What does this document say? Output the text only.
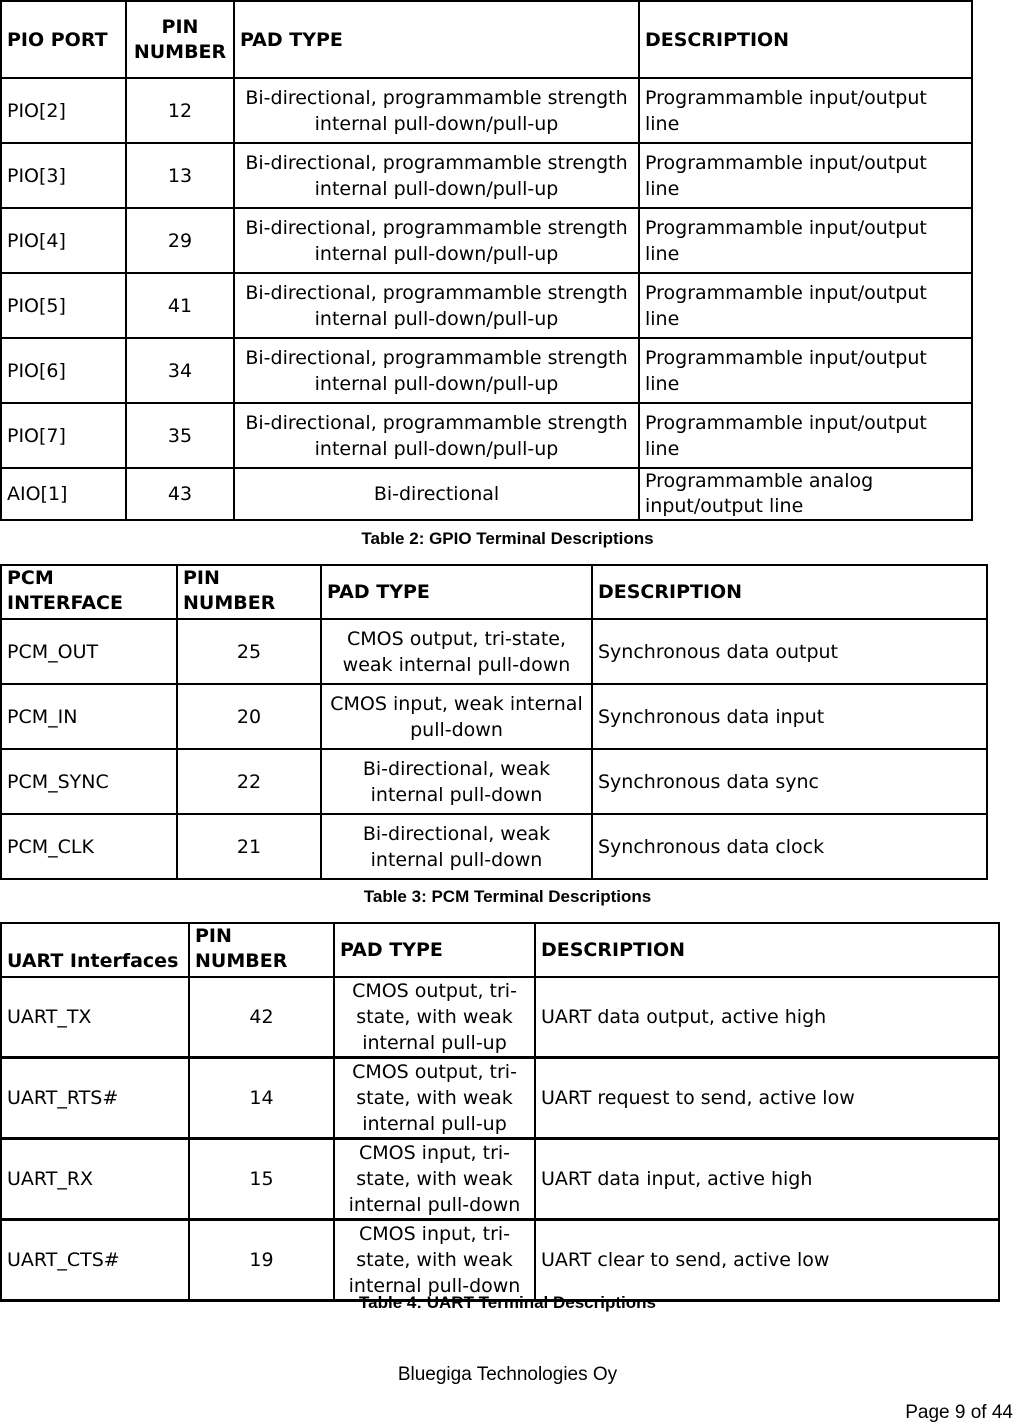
PIO PORT	PIN NUMBER	PAD TYPE	DESCRIPTION
PIO[2]	12	Bi-directional, programmamble strength internal pull-down/pull-up	Programmamble input/output line
PIO[3]	13	Bi-directional, programmamble strength internal pull-down/pull-up	Programmamble input/output line
PIO[4]	29	Bi-directional, programmamble strength internal pull-down/pull-up	Programmamble input/output line
PIO[5]	41	Bi-directional, programmamble strength internal pull-down/pull-up	Programmamble input/output line
PIO[6]	34	Bi-directional, programmamble strength internal pull-down/pull-up	Programmamble input/output line
PIO[7]	35	Bi-directional, programmamble strength internal pull-down/pull-up	Programmamble input/output line
AIO[1]	43	Bi-directional	Programmamble analog input/output line
Table 2: GPIO Terminal Descriptions
PCM INTERFACE	PIN NUMBER	PAD TYPE	DESCRIPTION
PCM_OUT	25	CMOS output, tri-state, weak internal pull-down	Synchronous data output
PCM_IN	20	CMOS input, weak internal pull-down	Synchronous data input
PCM_SYNC	22	Bi-directional, weak internal pull-down	Synchronous data sync
PCM_CLK	21	Bi-directional, weak internal pull-down	Synchronous data clock
Table 3: PCM Terminal Descriptions
UART Interfaces	PIN NUMBER	PAD TYPE	DESCRIPTION
UART_TX	42	CMOS output, tri-state, with weak internal pull-up	UART data output, active high
UART_RTS#	14	CMOS output, tri-state, with weak internal pull-up	UART request to send, active low
UART_RX	15	CMOS input, tri-state, with weak internal pull-down	UART data input, active high
UART_CTS#	19	CMOS input, tri-state, with weak internal pull-down	UART clear to send, active low
Table 4: UART Terminal Descriptions
Bluegiga Technologies Oy
Page 9 of 44
